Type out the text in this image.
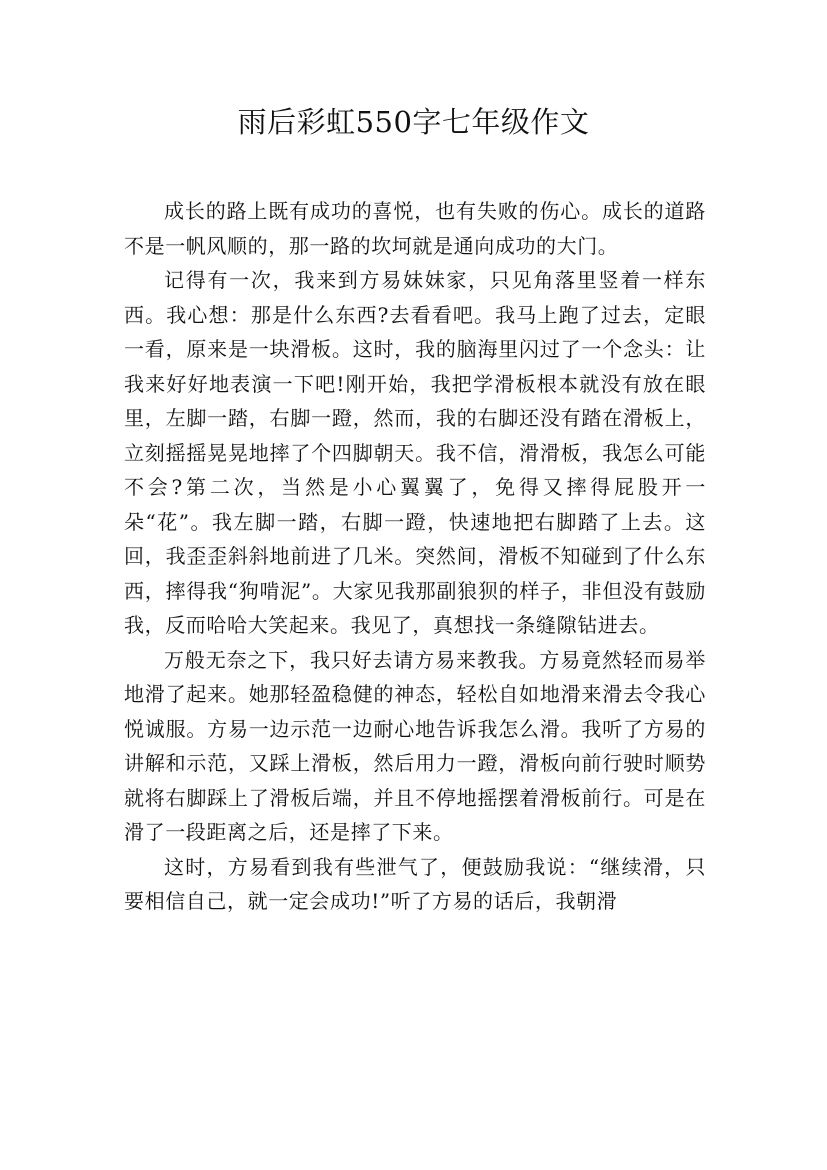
雨后彩虹550字七年级作文

成长的路上既有成功的喜悦，也有失败的伤心。成长的道路不是一帆风顺的，那一路的坎坷就是通向成功的大门。

记得有一次，我来到方易妹妹家，只见角落里竖着一样东西。我心想：那是什么东西?去看看吧。我马上跑了过去，定眼一看，原来是一块滑板。这时，我的脑海里闪过了一个念头：让我来好好地表演一下吧!刚开始，我把学滑板根本就没有放在眼里，左脚一踏，右脚一蹬，然而，我的右脚还没有踏在滑板上，立刻摇摇晃晃地摔了个四脚朝天。我不信，滑滑板，我怎么可能不会?第二次，当然是小心翼翼了，免得又摔得屁股开一朵“花”。我左脚一踏，右脚一蹬，快速地把右脚踏了上去。这回，我歪歪斜斜地前进了几米。突然间，滑板不知碰到了什么东西，摔得我“狗啃泥”。大家见我那副狼狈的样子，非但没有鼓励我，反而哈哈大笑起来。我见了，真想找一条缝隙钻进去。

万般无奈之下，我只好去请方易来教我。方易竟然轻而易举地滑了起来。她那轻盈稳健的神态，轻松自如地滑来滑去令我心悦诚服。方易一边示范一边耐心地告诉我怎么滑。我听了方易的讲解和示范，又踩上滑板，然后用力一蹬，滑板向前行驶时顺势就将右脚踩上了滑板后端，并且不停地摇摆着滑板前行。可是在滑了一段距离之后，还是摔了下来。

这时，方易看到我有些泄气了，便鼓励我说：“继续滑，只要相信自己，就一定会成功!”听了方易的话后，我朝滑
